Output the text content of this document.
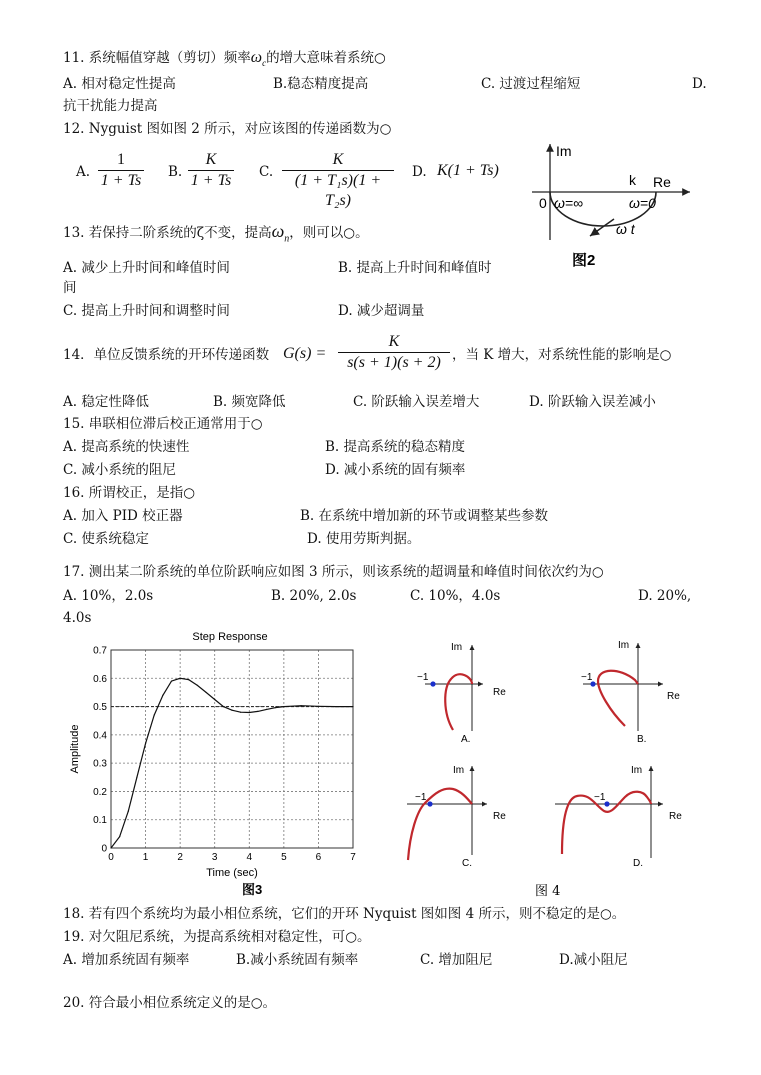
11. 系统幅值穿越（剪切）频率$\omega_c$的增大意味着系统○
A. 相对稳定性提高	B.稳态精度提高	C. 过渡过程缩短	D.
抗干扰能力提高
12. Nyguist 图如图 2 所示，对应该图的传递函数为○
A.
1
1 + Ts B.
K
1 + Ts C.
K
(1 + T₁s)(1 + T₂s)
D. K(1 + Ts)
Im
Re
k
0 ω=∞	ω=0
ω t
图2
13. 若保持二阶系统的ζ不变，提高$\omega_n$，则可以○。
A. 减少上升时间和峰值时间	B. 提高上升时间和峰值时
间
C. 提高上升时间和调整时间	D. 减少超调量
14．单位反馈系统的开环传递函数 G(s) =
K
s(s + 1)(s + 2) ，当 K 增大，对系统性能的影响是○
A. 稳定性降低	B. 频宽降低	C. 阶跃输入误差增大	D. 阶跃输入误差减小
15. 串联相位滞后校正通常用于○
A. 提高系统的快速性	B. 提高系统的稳态精度
C. 减小系统的阻尼	D. 减小系统的固有频率
16. 所谓校正，是指○
A. 加入 PID 校正器	B. 在系统中增加新的环节或调整某些参数
C. 使系统稳定	D. 使用劳斯判据。
17. 测出某二阶系统的单位阶跃响应如图 3 所示，则该系统的超调量和峰值时间依次约为○
A. 10%，2.0s	B. 20%, 2.0s	C. 10%，4.0s	D. 20%,
4.0s
Step Response
0	1	2	3	4	5	6	7
0
0.1
0.2
0.3
0.4
0.5
0.6
0.7
Time (sec)
Amplitude
图3
−1
Im
Re
A.
−1
Im
Re
B.
−1
Im
Re
C.
−1
Im
Re
D.
图 4
18. 若有四个系统均为最小相位系统，它们的开环 Nyquist 图如图 4 所示，则不稳定的是○。
19. 对欠阻尼系统，为提高系统相对稳定性，可○。
A. 增加系统固有频率	B.减小系统固有频率	C. 增加阻尼	D.减小阻尼
20. 符合最小相位系统定义的是○。
